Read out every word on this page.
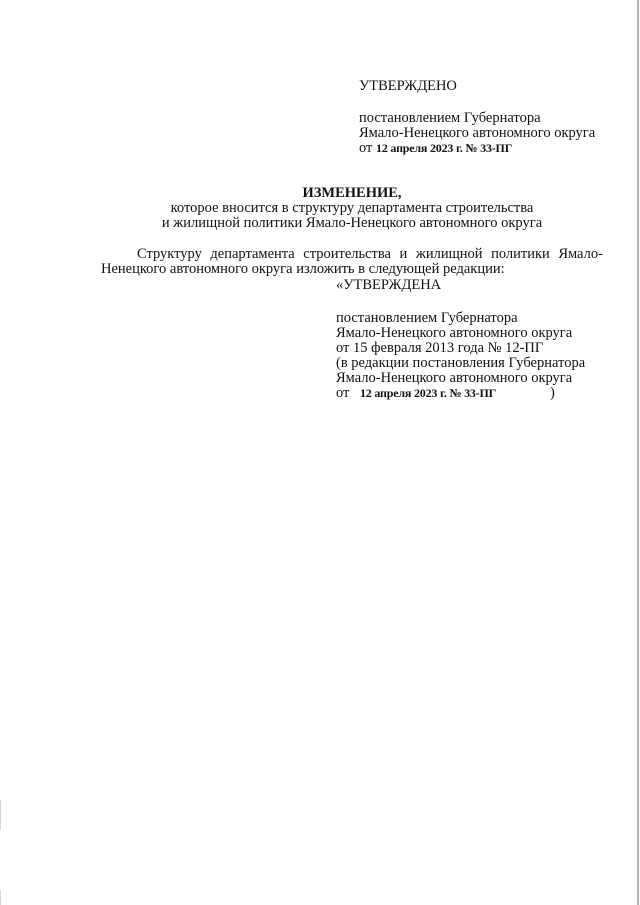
УТВЕРЖДЕНО
постановлением Губернатора
Ямало-Ненецкого автономного округа
от 12 апреля 2023 г. № 33-ПГ
ИЗМЕНЕНИЕ,
которое вносится в структуру департамента строительства
и жилищной политики Ямало-Ненецкого автономного округа
Структуру департамента строительства и жилищной политики Ямало-
Ненецкого автономного округа изложить в следующей редакции:
«УТВЕРЖДЕНА
постановлением Губернатора
Ямало-Ненецкого автономного округа
от 15 февраля 2013 года № 12-ПГ
(в редакции постановления Губернатора
Ямало-Ненецкого автономного округа
от 12 апреля 2023 г. № 33-ПГ	)
